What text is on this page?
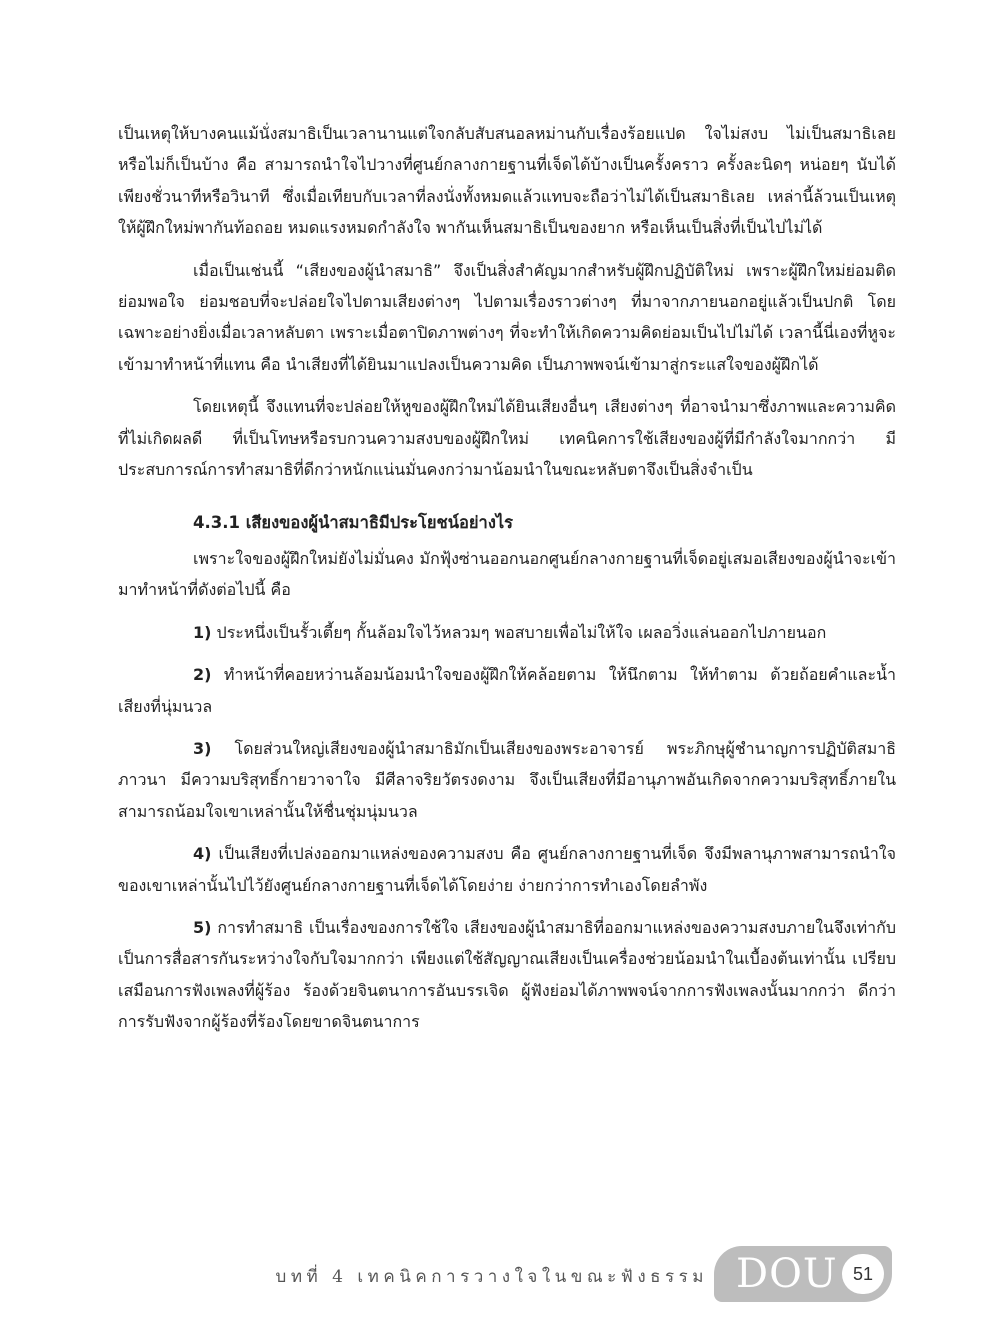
เป็นเหตุให้บางคนแม้นั่งสมาธิเป็นเวลานานแต่ใจกลับสับสนอลหม่านกับเรื่องร้อยแปด ใจไม่สงบ ไม่เป็นสมาธิเลย หรือไม่ก็เป็นบ้าง คือ สามารถนำใจไปวางที่ศูนย์กลางกายฐานที่เจ็ดได้บ้างเป็นครั้งคราว ครั้งละนิดๆ หน่อยๆ นับได้เพียงชั่วนาทีหรือวินาที ซึ่งเมื่อเทียบกับเวลาที่ลงนั่งทั้งหมดแล้วแทบจะถือว่าไม่ได้เป็นสมาธิเลย เหล่านี้ล้วนเป็นเหตุให้ผู้ฝึกใหม่พากันท้อถอย หมดแรงหมดกำลังใจ พากันเห็นสมาธิเป็นของยาก หรือเห็นเป็นสิ่งที่เป็นไปไม่ได้

เมื่อเป็นเช่นนี้ “เสียงของผู้นำสมาธิ” จึงเป็นสิ่งสำคัญมากสำหรับผู้ฝึกปฏิบัติใหม่ เพราะผู้ฝึกใหม่ย่อมติด ย่อมพอใจ ย่อมชอบที่จะปล่อยใจไปตามเสียงต่างๆ ไปตามเรื่องราวต่างๆ ที่มาจากภายนอกอยู่แล้วเป็นปกติ โดยเฉพาะอย่างยิ่งเมื่อเวลาหลับตา เพราะเมื่อตาปิดภาพต่างๆ ที่จะทำให้เกิดความคิดย่อมเป็นไปไม่ได้ เวลานี้นี่เองที่หูจะเข้ามาทำหน้าที่แทน คือ นำเสียงที่ได้ยินมาแปลงเป็นความคิด เป็นภาพพจน์เข้ามาสู่กระแสใจของผู้ฝึกได้

โดยเหตุนี้ จึงแทนที่จะปล่อยให้หูของผู้ฝึกใหม่ได้ยินเสียงอื่นๆ เสียงต่างๆ ที่อาจนำมาซึ่งภาพและความคิดที่ไม่เกิดผลดี ที่เป็นโทษหรือรบกวนความสงบของผู้ฝึกใหม่ เทคนิคการใช้เสียงของผู้ที่มีกำลังใจมากกว่า มีประสบการณ์การทำสมาธิที่ดีกว่าหนักแน่นมั่นคงกว่ามาน้อมนำในขณะหลับตาจึงเป็นสิ่งจำเป็น

4.3.1 เสียงของผู้นำสมาธิมีประโยชน์อย่างไร

เพราะใจของผู้ฝึกใหม่ยังไม่มั่นคง มักฟุ้งซ่านออกนอกศูนย์กลางกายฐานที่เจ็ดอยู่เสมอเสียงของผู้นำจะเข้ามาทำหน้าที่ดังต่อไปนี้ คือ

1) ประหนึ่งเป็นรั้วเตี้ยๆ กั้นล้อมใจไว้หลวมๆ พอสบายเพื่อไม่ให้ใจ เผลอวิ่งแล่นออกไปภายนอก

2) ทำหน้าที่คอยหว่านล้อมน้อมนำใจของผู้ฝึกให้คล้อยตาม ให้นึกตาม ให้ทำตาม ด้วยถ้อยคำและน้ำเสียงที่นุ่มนวล

3) โดยส่วนใหญ่เสียงของผู้นำสมาธิมักเป็นเสียงของพระอาจารย์ พระภิกษุผู้ชำนาญการปฏิบัติสมาธิภาวนา มีความบริสุทธิ์กายวาจาใจ มีศีลาจริยวัตรงดงาม จึงเป็นเสียงที่มีอานุภาพอันเกิดจากความบริสุทธิ์ภายในสามารถน้อมใจเขาเหล่านั้นให้ชื่นชุ่มนุ่มนวล

4) เป็นเสียงที่เปล่งออกมาแหล่งของความสงบ คือ ศูนย์กลางกายฐานที่เจ็ด จึงมีพลานุภาพสามารถนำใจของเขาเหล่านั้นไปไว้ยังศูนย์กลางกายฐานที่เจ็ดได้โดยง่าย ง่ายกว่าการทำเองโดยลำพัง

5) การทำสมาธิ เป็นเรื่องของการใช้ใจ เสียงของผู้นำสมาธิที่ออกมาแหล่งของความสงบภายในจึงเท่ากับเป็นการสื่อสารกันระหว่างใจกับใจมากกว่า เพียงแต่ใช้สัญญาณเสียงเป็นเครื่องช่วยน้อมนำในเบื้องต้นเท่านั้น เปรียบเสมือนการฟังเพลงที่ผู้ร้อง ร้องด้วยจินตนาการอันบรรเจิด ผู้ฟังย่อมได้ภาพพจน์จากการฟังเพลงนั้นมากกว่า ดีกว่า การรับฟังจากผู้ร้องที่ร้องโดยขาดจินตนาการ

บทที่ 4 เทคนิคการวางใจในขณะฟังธรรม DOU 51
